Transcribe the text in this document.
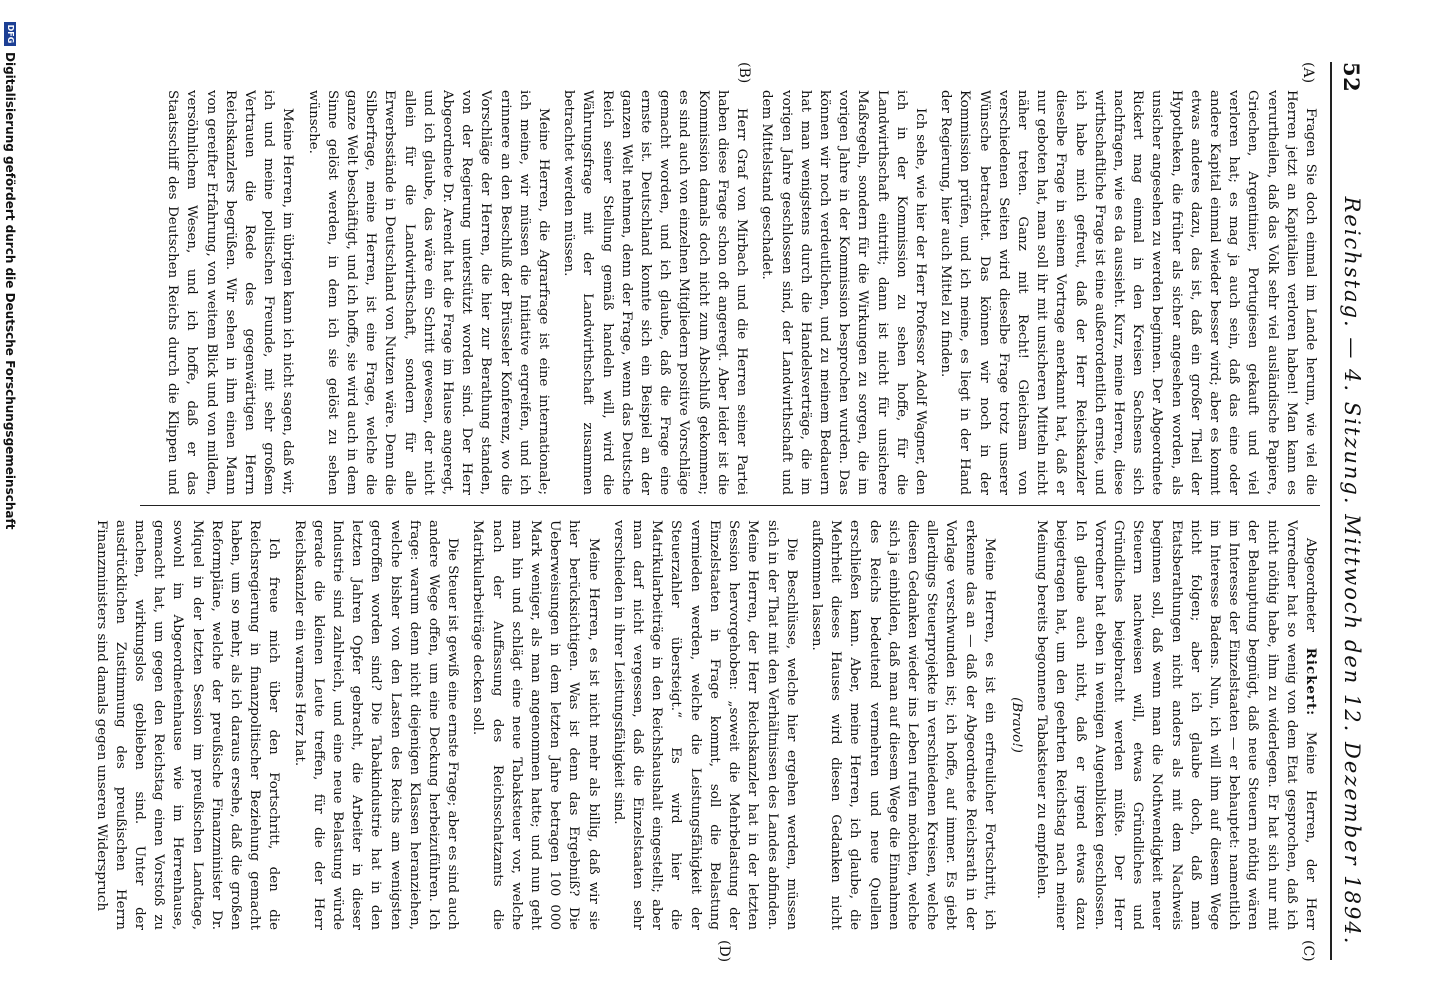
52
Reichstag. — 4. Sitzung. Mittwoch den 12. Dezember 1894.
(A)
(B)
(C)
(D)

Fragen Sie doch einmal im Lande herum, wie viel die Herren jetzt an Kapitalien verloren haben! Man kann es verurtheilen, daß das Volk sehr viel ausländische Papiere, Griechen, Argentinier, Portugiesen gekauft und viel verloren hat; es mag ja auch sein, daß das eine oder andere Kapital einmal wieder besser wird; aber es kommt etwas anderes dazu, das ist, daß ein großer Theil der Hypotheken, die früher als sicher angesehen worden, als unsicher angesehen zu werden beginnen. Der Abgeordnete Rickert mag einmal in den Kreisen Sachsens sich nachfragen, wie es da aussieht. Kurz, meine Herren, diese wirthschaftliche Frage ist eine außerordentlich ernste, und ich habe mich gefreut, daß der Herr Reichskanzler dieselbe Frage in seinem Vortrage anerkannt hat, daß er nur geboten hat, man soll ihr mit unsicheren Mitteln nicht näher treten. Ganz mit Recht! Gleichsam von verschiedenen Seiten wird dieselbe Frage trotz unserer Wünsche betrachtet. Das können wir noch in der Kommission prüfen, und ich meine, es liegt in der Hand der Regierung, hier auch Mittel zu finden.

Ich sehe, wie hier der Herr Professor Adolf Wagner, den ich in der Kommission zu sehen hoffe, für die Landwirthschaft eintritt; dann ist nicht für unsichere Maßregeln, sondern für die Wirkungen zu sorgen, die im vorigen Jahre in der Kommission besprochen wurden. Das können wir noch verdeutlichen, und zu meinem Bedauern hat man wenigstens durch die Handelsverträge, die im vorigen Jahre geschlossen sind, der Landwirthschaft und dem Mittelstand geschadet.

Herr Graf von Mirbach und die Herren seiner Partei haben diese Frage schon oft angeregt. Aber leider ist die Kommission damals doch nicht zum Abschluß gekommen; es sind auch von einzelnen Mitgliedern positive Vorschläge gemacht worden, und ich glaube, daß die Frage eine ernste ist. Deutschland konnte sich ein Beispiel an der ganzen Welt nehmen, denn der Frage, wenn das Deutsche Reich seiner Stellung gemäß handeln will, wird die Währungsfrage mit der Landwirthschaft zusammen betrachtet werden müssen.

Meine Herren, die Agrarfrage ist eine internationale; ich meine, wir müssen die Initiative ergreifen, und ich erinnere an den Beschluß der Brüsseler Konferenz, wo die Vorschläge der Herren, die hier zur Berathung standen, von der Regierung unterstützt worden sind. Der Herr Abgeordnete Dr. Arendt hat die Frage im Hause angeregt, und ich glaube, das wäre ein Schritt gewesen, der nicht allein für die Landwirthschaft, sondern für alle Erwerbsstände in Deutschland von Nutzen wäre. Denn die Silberfrage, meine Herren, ist eine Frage, welche die ganze Welt beschäftigt, und ich hoffe, sie wird auch in dem Sinne gelöst werden, in dem ich sie gelöst zu sehen wünsche.

Meine Herren, im übrigen kann ich nicht sagen, daß wir, ich und meine politischen Freunde, mit sehr großem Vertrauen die Rede des gegenwärtigen Herrn Reichskanzlers begrüßen. Wir sehen in ihm einen Mann von gereifter Erfahrung, von weitem Blick und von mildem, versöhnlichem Wesen, und ich hoffe, daß er das Staatsschiff des Deutschen Reichs durch die Klippen und

Abgeordneter Rickert: Meine Herren, der Herr Vorredner hat so wenig von dem Etat gesprochen, daß ich nicht nöthig habe, ihm zu widerlegen. Er hat sich nur mit der Behauptung begnügt, daß neue Steuern nöthig wären im Interesse der Einzelstaaten — er behauptet: namentlich im Interesse Badens. Nun, ich will ihm auf diesem Wege nicht folgen; aber ich glaube doch, daß man Etatsberathungen nicht anders als mit dem Nachweis beginnen soll, daß wenn man die Nothwendigkeit neuer Steuern nachweisen will, etwas Gründliches und Gründliches beigebracht werden müßte. Der Herr Vorredner hat eben in wenigen Augenblicken geschlossen. Ich glaube auch nicht, daß er irgend etwas dazu beigetragen hat, um den geehrten Reichstag nach meiner Meinung bereits begonnene Tabaksteuer zu empfehlen.

(Bravo!)

Meine Herren, es ist ein erfreulicher Fortschritt, ich erkenne das an — daß der Abgeordnete Reichsrath in der Vorlage verschwunden ist; ich hoffe, auf immer. Es giebt allerdings Steuerprojekte in verschiedenen Kreisen, welche diesen Gedanken wieder ins Leben rufen möchten, welche sich ja einbilden, daß man auf diesem Wege die Einnahmen des Reichs bedeutend vermehren und neue Quellen erschließen kann. Aber, meine Herren, ich glaube, die Mehrheit dieses Hauses wird diesen Gedanken nicht aufkommen lassen.

Die Beschlüsse, welche hier ergehen werden, müssen sich in der That mit den Verhältnissen des Landes abfinden. Meine Herren, der Herr Reichskanzler hat in der letzten Session hervorgehoben: „soweit die Mehrbelastung der Einzelstaaten in Frage kommt, soll die Belastung vermieden werden, welche die Leistungsfähigkeit der Steuerzahler übersteigt.“ Es wird hier die Matrikularbeiträge in den Reichshaushalt eingestellt; aber man darf nicht vergessen, daß die Einzelstaaten sehr verschieden in ihrer Leistungsfähigkeit sind.

Meine Herren, es ist nicht mehr als billig, daß wir sie hier berücksichtigen. Was ist denn das Ergebniß? Die Ueberweisungen in dem letzten Jahre betragen 100 000 Mark weniger, als man angenommen hatte; und nun geht man hin und schlägt eine neue Tabaksteuer vor, welche nach der Auffassung des Reichsschatzamts die Matrikularbeiträge decken soll.

Die Steuer ist gewiß eine ernste Frage; aber es sind auch andere Wege offen, um eine Deckung herbeizuführen. Ich frage: warum denn nicht diejenigen Klassen heranziehen, welche bisher von den Lasten des Reichs am wenigsten getroffen worden sind? Die Tabakindustrie hat in den letzten Jahren Opfer gebracht, die Arbeiter in dieser Industrie sind zahlreich, und eine neue Belastung würde gerade die kleinen Leute treffen, für die der Herr Reichskanzler ein warmes Herz hat.

Ich freue mich über den Fortschritt, den die Reichsregierung in finanzpolitischer Beziehung gemacht haben, um so mehr, als ich daraus ersehe, daß die großen Reformpläne, welche der preußische Finanzminister Dr. Miquel in der letzten Session im preußischen Landtage, sowohl im Abgeordnetenhause wie im Herrenhause, gemacht hat, um gegen den Reichstag einen Vorstoß zu machen, wirkungslos geblieben sind. Unter der ausdrücklichen Zustimmung des preußischen Herrn Finanzministers sind damals gegen unseren Widerspruch

DFG
Digitalisierung gefördert durch die Deutsche Forschungsgemeinschaft
